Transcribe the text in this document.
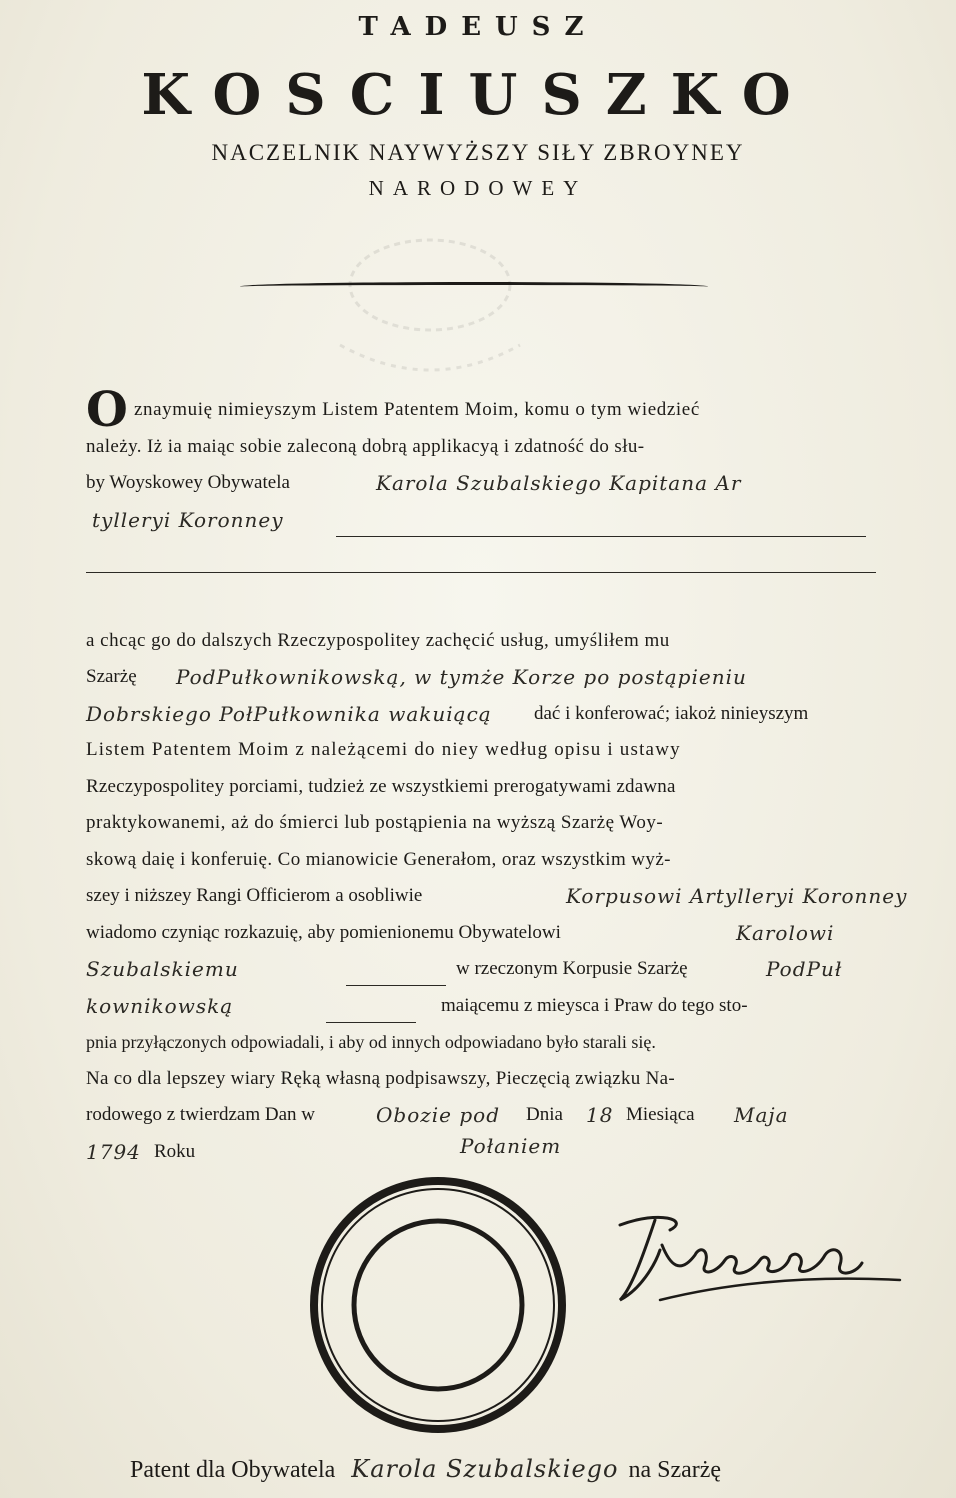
TADEUSZ
KOSCIUSZKO
NACZELNIK NAYWYŻSZY SIŁY ZBROYNEY
NARODOWEY
O znaymuię nimieyszym Listem Patentem Moim, komu o tym wiedzieć
należy. Iż ia maiąc sobie zaleconą dobrą applikacyą i zdatność do słu-
by Woyskowey Obywatela	Karola Szubalskiego Kapitana Ar
tylleryi Koronney
a chcąc go do dalszych Rzeczypospolitey zachęcić usług, umyśliłem mu
Szarżę PodPułkownikowską, w tymże Korze po postąpieniu
Dobrskiego PołPułkownika wakuiącą dać i konferować; iakoż ninieyszym
Listem Patentem Moim z należącemi do niey według opisu i ustawy
Rzeczypospolitey porciami, tudzież ze wszystkiemi prerogatywami zdawna
praktykowanemi, aż do śmierci lub postąpienia na wyższą Szarżę Woy-
skową daię i konferuię. Co mianowicie Generałom, oraz wszystkim wyż-
szey i niższey Rangi Officierom a osobliwie	Korpusowi Artylleryi Koronney
wiadomo czyniąc rozkazuię, aby pomienionemu Obywatelowi	Karolowi
Szubalskiemu	w rzeczonym Korpusie Szarżę	PodPuł
kownikowską	maiącemu z mieysca i Praw do tego sto-
pnia przyłączonych odpowiadali, i aby od innych odpowiadano było starali się.
Na co dla lepszey wiary Ręką własną podpisawszy, Pieczęcią związku Na-
rodowego z twierdzam Dan w	Obozie pod Dnia 18 Miesiąca Maja
1794 Roku	Połaniem
Patent dla Obywatela Karola Szubalskiego na Szarżę
